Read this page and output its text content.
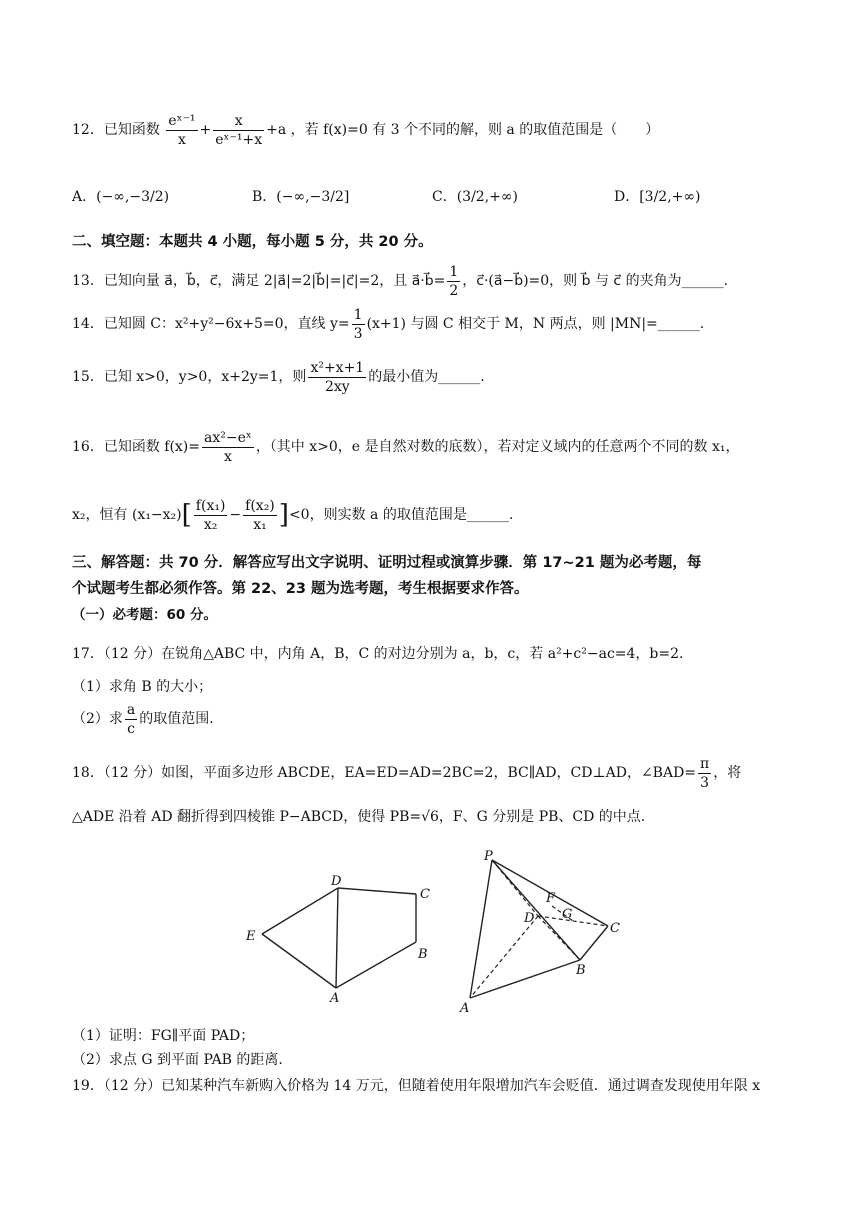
12．已知函数 $\frac{\text{eˣ⁻¹}}{x} + \frac{x}{\text{eˣ⁻¹+x}} +a$ ，若 f(x)=0 有 3 个不同的解，则 a 的取值范围是（　　）
A．(−∞,−3/2)	B．(−∞,−3/2]	C．(3/2,+∞)	D．[3/2,+∞)
二、填空题：本题共 4 小题，每小题 5 分，共 20 分。
13．已知向量 a⃗，b⃗，c⃗，满足 2|a⃗|=2|b⃗|=|c⃗|=2，且 a⃗·b⃗= $\frac{1}{2}$ ，c⃗·(a⃗−b⃗)=0，则 b⃗ 与 c⃗ 的夹角为______.
14．已知圆 C：x²+y²−6x+5=0，直线 $y= \frac{1}{3} (x+1)$ 与圆 C 相交于 M，N 两点，则 |MN|=______.
15．已知 x>0，y>0，x+2y=1，则 $\frac{\text{x²+x+1}}{2xy}$ 的最小值为______.
16．已知函数 $f(x)= \frac{\text{ax²−eˣ}}{x}$ ，（其中 x>0，e 是自然对数的底数），若对定义域内的任意两个不同的数 x₁，
x₂，恒有 $(x_1-x_2)[ \frac{\text{f(x₁)}}{\text{x₂}} - \frac{\text{f(x₂)}}{\text{x₁}} ]<0$，则实数 a 的取值范围是______.
三、解答题：共 70 分．解答应写出文字说明、证明过程或演算步骤．第 17~21 题为必考题，每
个试题考生都必须作答。第 22、23 题为选考题，考生根据要求作答。
（一）必考题：60 分。
17．（12 分）在锐角△ABC 中，内角 A，B，C 的对边分别为 a，b，c，若 a²+c²−ac=4，b=2.
（1）求角 B 的大小；
（2）求 $\frac{a}{c}$ 的取值范围.
18．（12 分）如图，平面多边形 ABCDE，EA=ED=AD=2BC=2，BC∥AD，CD⊥AD，∠BAD= $\frac{\pi}{3}$ ，将
△ADE 沿着 AD 翻折得到四棱锥 P−ABCD，使得 PB=√6，F、G 分别是 PB、CD 的中点.
D
C
E
B
A
P
F
G
D
C
B
A
（1）证明：FG∥平面 PAD；
（2）求点 G 到平面 PAB 的距离.
19．（12 分）已知某种汽车新购入价格为 14 万元，但随着使用年限增加汽车会贬值．通过调查发现使用年限 x
